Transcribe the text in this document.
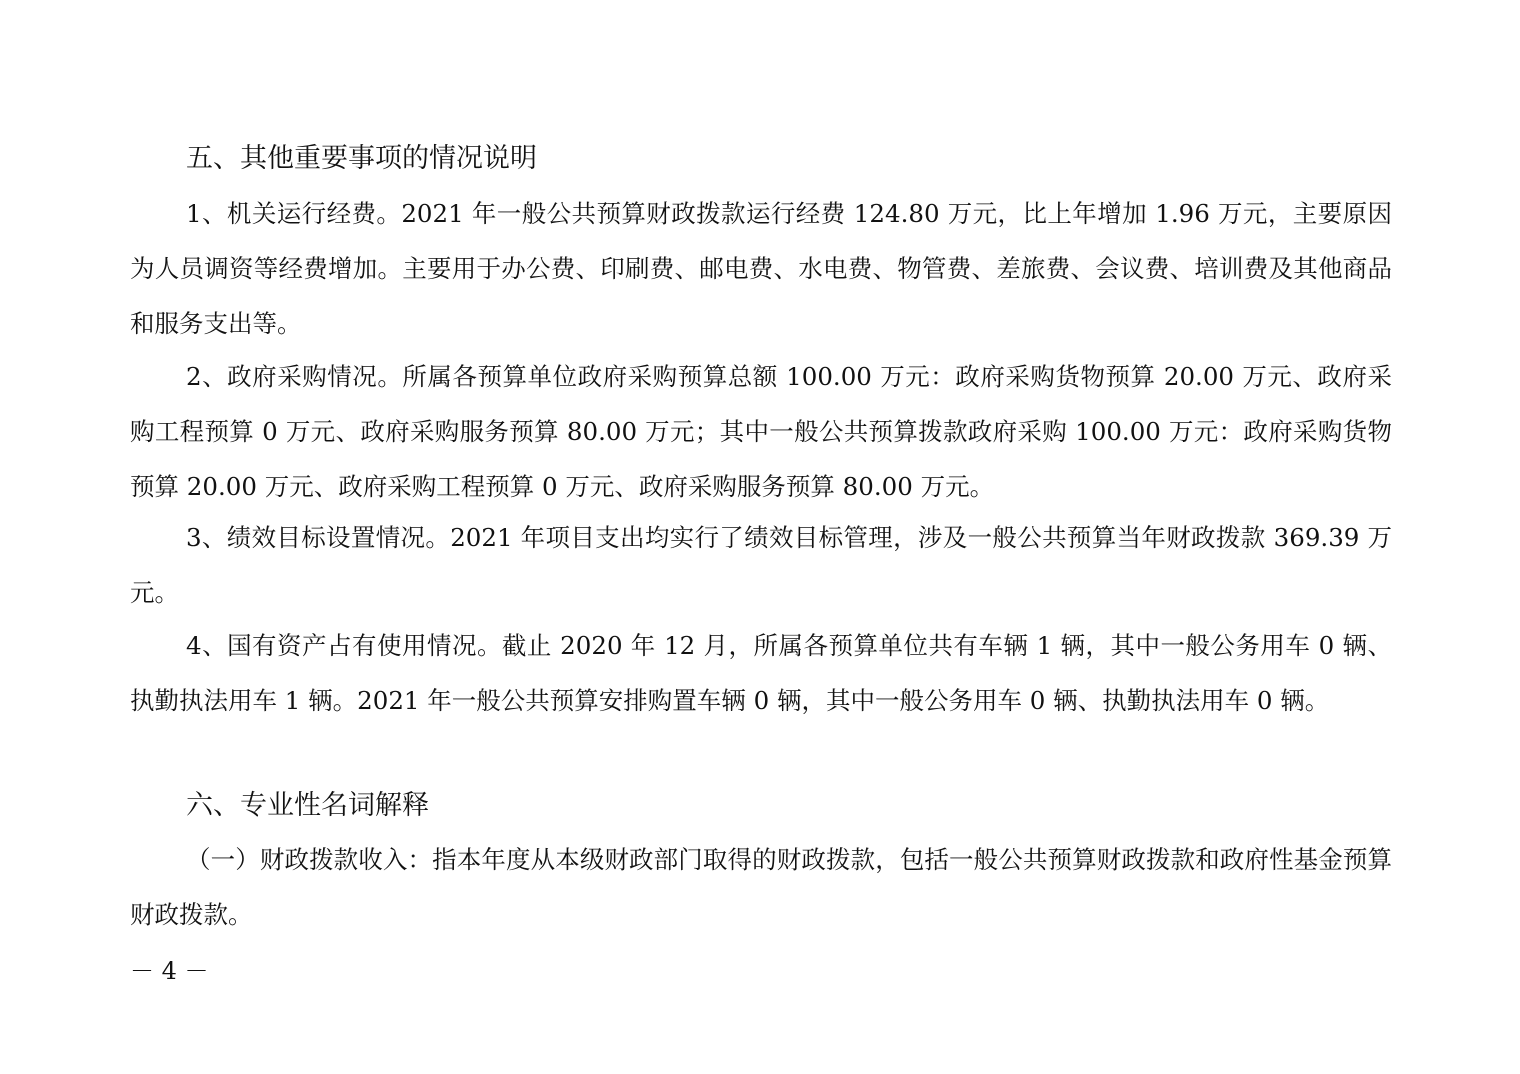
五、其他重要事项的情况说明

1、机关运行经费。2021 年一般公共预算财政拨款运行经费 124.80 万元，比上年增加 1.96 万元，主要原因为人员调资等经费增加。主要用于办公费、印刷费、邮电费、水电费、物管费、差旅费、会议费、培训费及其他商品和服务支出等。

2、政府采购情况。所属各预算单位政府采购预算总额 100.00 万元：政府采购货物预算 20.00 万元、政府采购工程预算 0 万元、政府采购服务预算 80.00 万元；其中一般公共预算拨款政府采购 100.00 万元：政府采购货物预算 20.00 万元、政府采购工程预算 0 万元、政府采购服务预算 80.00 万元。

3、绩效目标设置情况。2021 年项目支出均实行了绩效目标管理，涉及一般公共预算当年财政拨款 369.39 万元。

4、国有资产占有使用情况。截止 2020 年 12 月，所属各预算单位共有车辆 1 辆，其中一般公务用车 0 辆、执勤执法用车 1 辆。2021 年一般公共预算安排购置车辆 0 辆，其中一般公务用车 0 辆、执勤执法用车 0 辆。

六、专业性名词解释

（一）财政拨款收入：指本年度从本级财政部门取得的财政拨款，包括一般公共预算财政拨款和政府性基金预算财政拨款。

－ 4 －
